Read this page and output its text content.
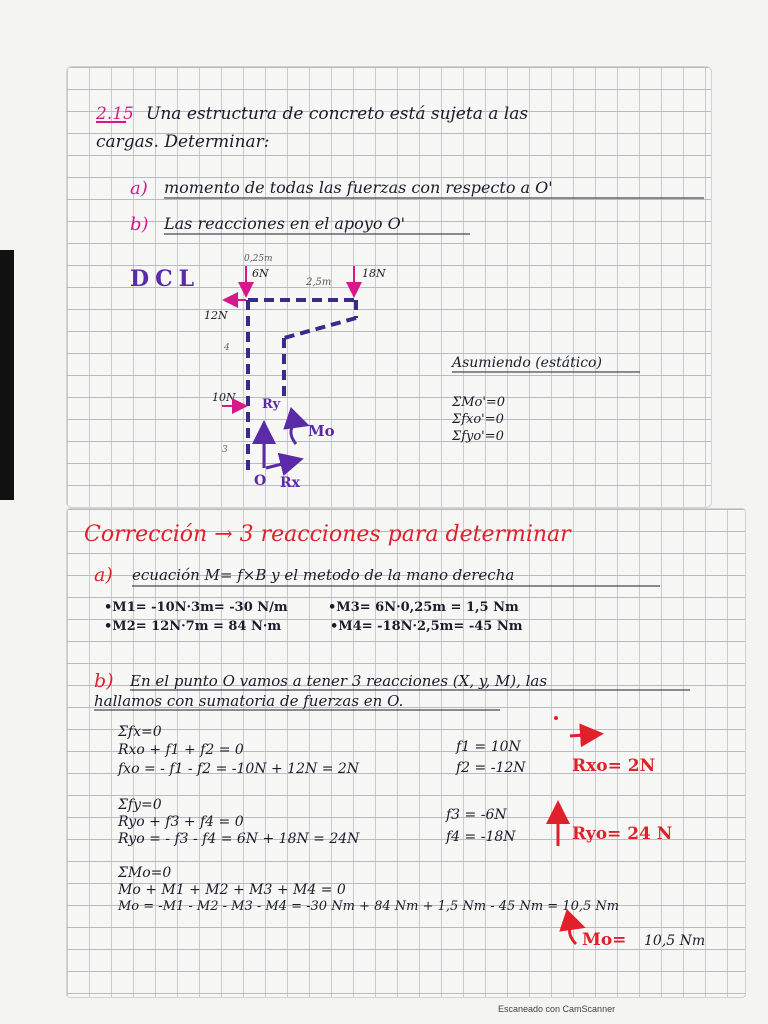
2.15 Una estructura de concreto está sujeta a las
cargas. Determinar:
a) momento de todas las fuerzas con respecto a O'
b) Las reacciones en el apoyo O'
DCL
0,25m
6N
2,5m
18N
12N
4
10N
3
Ry
Mo
O Rx
Asumiendo (estático)
ΣMo'=0
Σfxo'=0
Σfyo'=0
Corrección → 3 reacciones para determinar
a) ecuación M= f×B y el metodo de la mano derecha
•M1= -10N·3m= -30 N/m	•M3= 6N·0,25m = 1,5 Nm
•M2= 12N·7m = 84 N·m	•M4= -18N·2,5m= -45 Nm
b) En el punto O vamos a tener 3 reacciones (X, y, M), las
hallamos con sumatoria de fuerzas en O.
Σfx=0
Rxo + f1 + f2 = 0
fxo = - f1 - f2 = -10N + 12N = 2N
f1 = 10N
f2 = -12N	Rxo= 2N
Σfy=0
Ryo + f3 + f4 = 0
Ryo = - f3 - f4 = 6N + 18N = 24N
f3 = -6N
f4 = -18N	Ryo= 24 N
ΣMo=0
Mo + M1 + M2 + M3 + M4 = 0
Mo = -M1 - M2 - M3 - M4 = -30 Nm + 84 Nm + 1,5 Nm - 45 Nm = 10,5 Nm
Mo= 10,5 Nm
Escaneado con CamScanner
